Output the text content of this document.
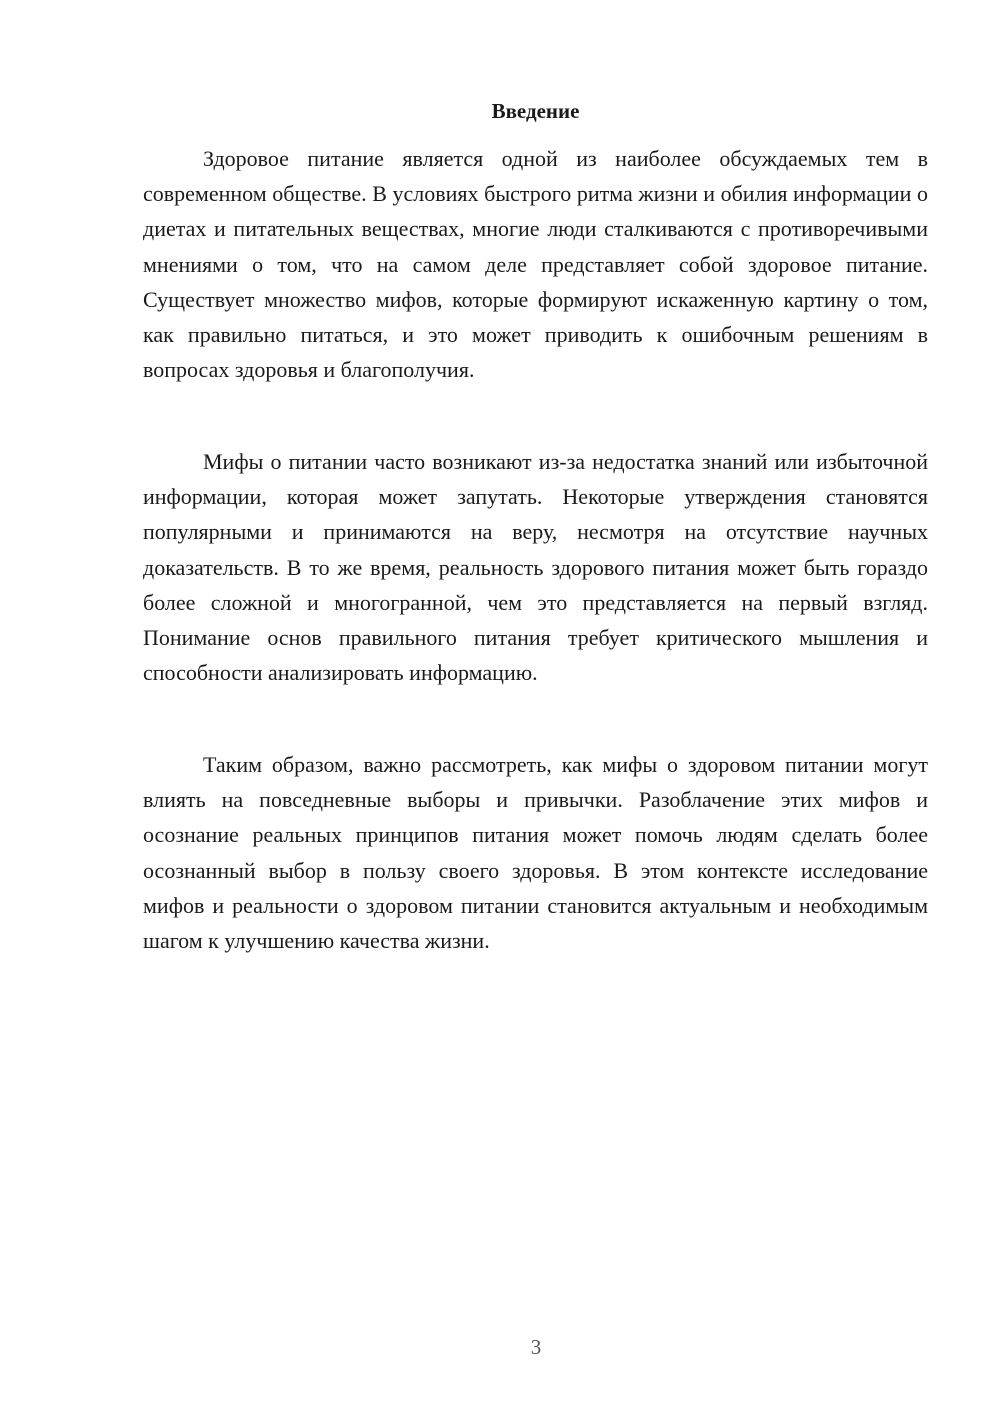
Введение

Здоровое питание является одной из наиболее обсуждаемых тем в современном обществе. В условиях быстрого ритма жизни и обилия информации о диетах и питательных веществах, многие люди сталкиваются с противоречивыми мнениями о том, что на самом деле представляет собой здоровое питание. Существует множество мифов, которые формируют искаженную картину о том, как правильно питаться, и это может приводить к ошибочным решениям в вопросах здоровья и благополучия.

Мифы о питании часто возникают из-за недостатка знаний или избыточной информации, которая может запутать. Некоторые утверждения становятся популярными и принимаются на веру, несмотря на отсутствие научных доказательств. В то же время, реальность здорового питания может быть гораздо более сложной и многогранной, чем это представляется на первый взгляд. Понимание основ правильного питания требует критического мышления и способности анализировать информацию.

Таким образом, важно рассмотреть, как мифы о здоровом питании могут влиять на повседневные выборы и привычки. Разоблачение этих мифов и осознание реальных принципов питания может помочь людям сделать более осознанный выбор в пользу своего здоровья. В этом контексте исследование мифов и реальности о здоровом питании становится актуальным и необходимым шагом к улучшению качества жизни.

3
